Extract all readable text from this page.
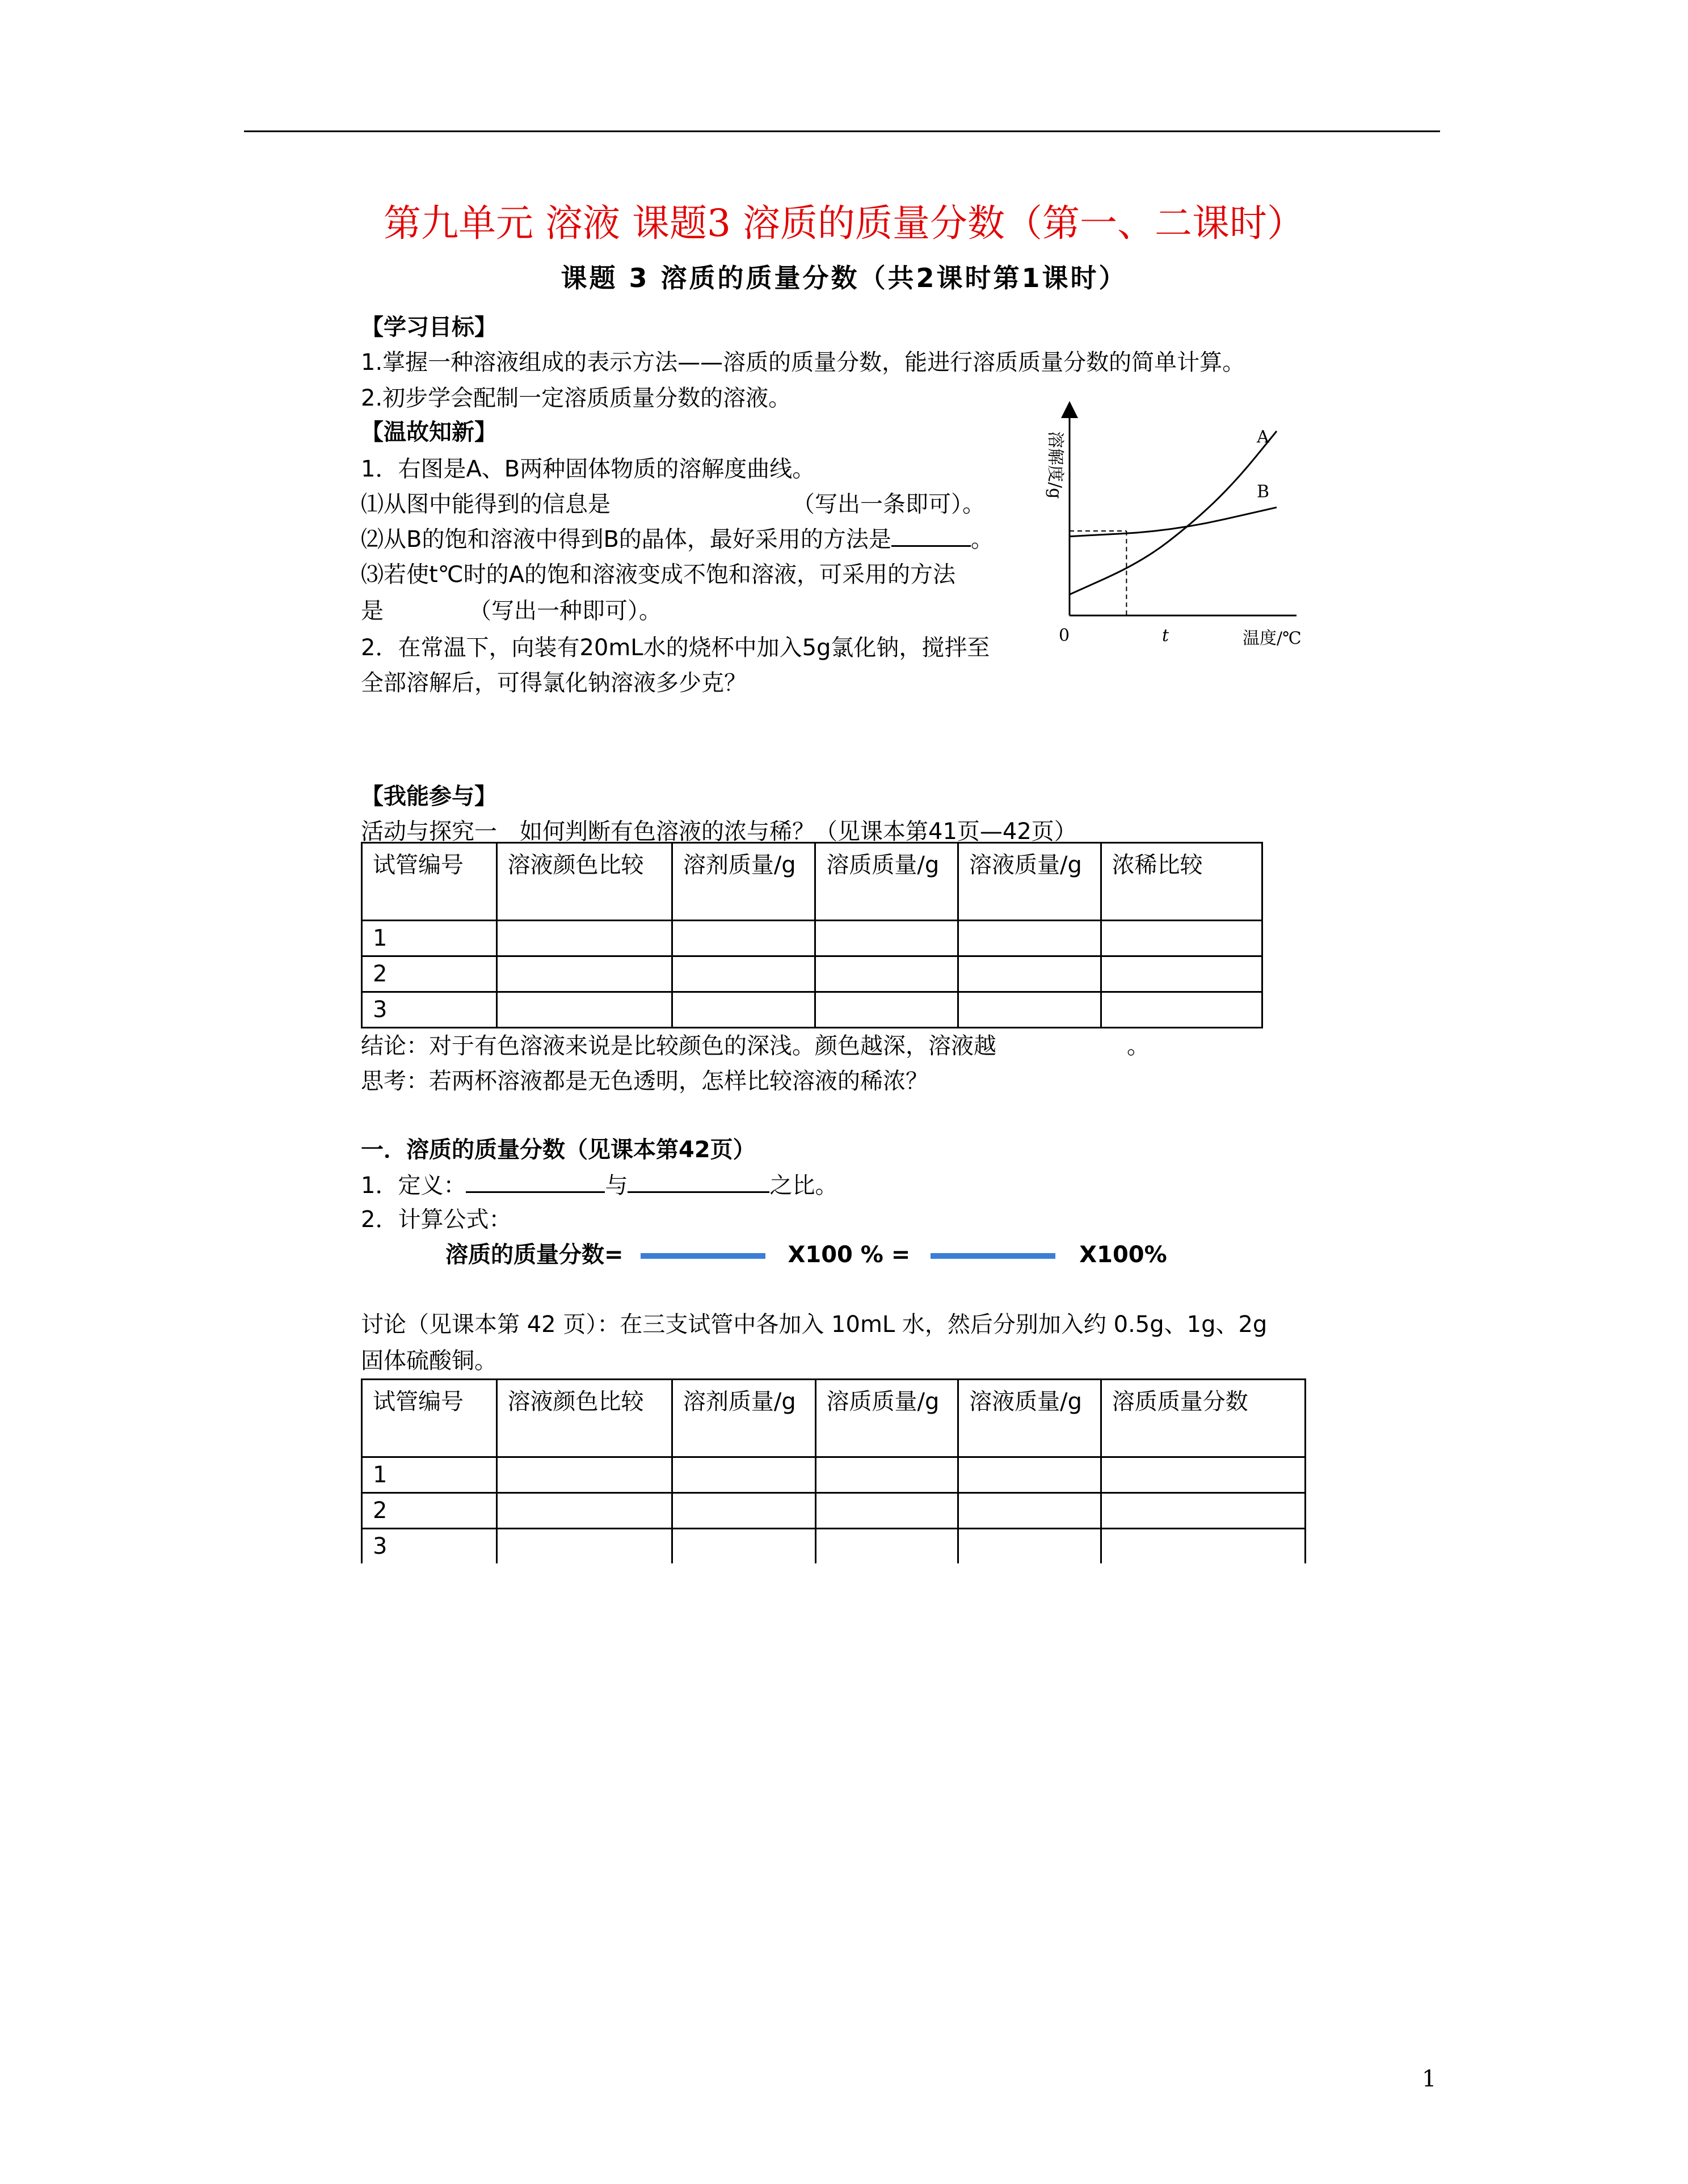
第九单元 溶液 课题3 溶质的质量分数（第一、二课时）
课题 3 溶质的质量分数（共2课时第1课时）
【学习目标】
1.掌握一种溶液组成的表示方法——溶质的质量分数，能进行溶质质量分数的简单计算。
2.初步学会配制一定溶质质量分数的溶液。
【温故知新】
1．右图是A、B两种固体物质的溶解度曲线。
⑴从图中能得到的信息是	（写出一条即可）。
⑵从B的饱和溶液中得到B的晶体，最好采用的方法是	。
⑶若使t℃时的A的饱和溶液变成不饱和溶液，可采用的方法
是	（写出一种即可）。
2．在常温下，向装有20mL水的烧杯中加入5g氯化钠，搅拌至
全部溶解后，可得氯化钠溶液多少克？
A
B
溶解度/g
0	t	温度/℃
【我能参与】
活动与探究一　如何判断有色溶液的浓与稀？（见课本第41页—42页）
试管编号	溶液颜色比较	溶剂质量/g	溶质质量/g	溶液质量/g	浓稀比较
1					
2					
3					
结论：对于有色溶液来说是比较颜色的深浅。颜色越深，溶液越	。
思考：若两杯溶液都是无色透明，怎样比较溶液的稀浓？
一．溶质的质量分数（见课本第42页）
1．定义：	与	之比。
2．计算公式：
溶质的质量分数=	X100 % =	X100%
讨论（见课本第 42 页）：在三支试管中各加入 10mL 水，然后分别加入约 0.5g、1g、2g
固体硫酸铜。
试管编号	溶液颜色比较	溶剂质量/g	溶质质量/g	溶液质量/g	溶质质量分数
1					
2					
3					
1
